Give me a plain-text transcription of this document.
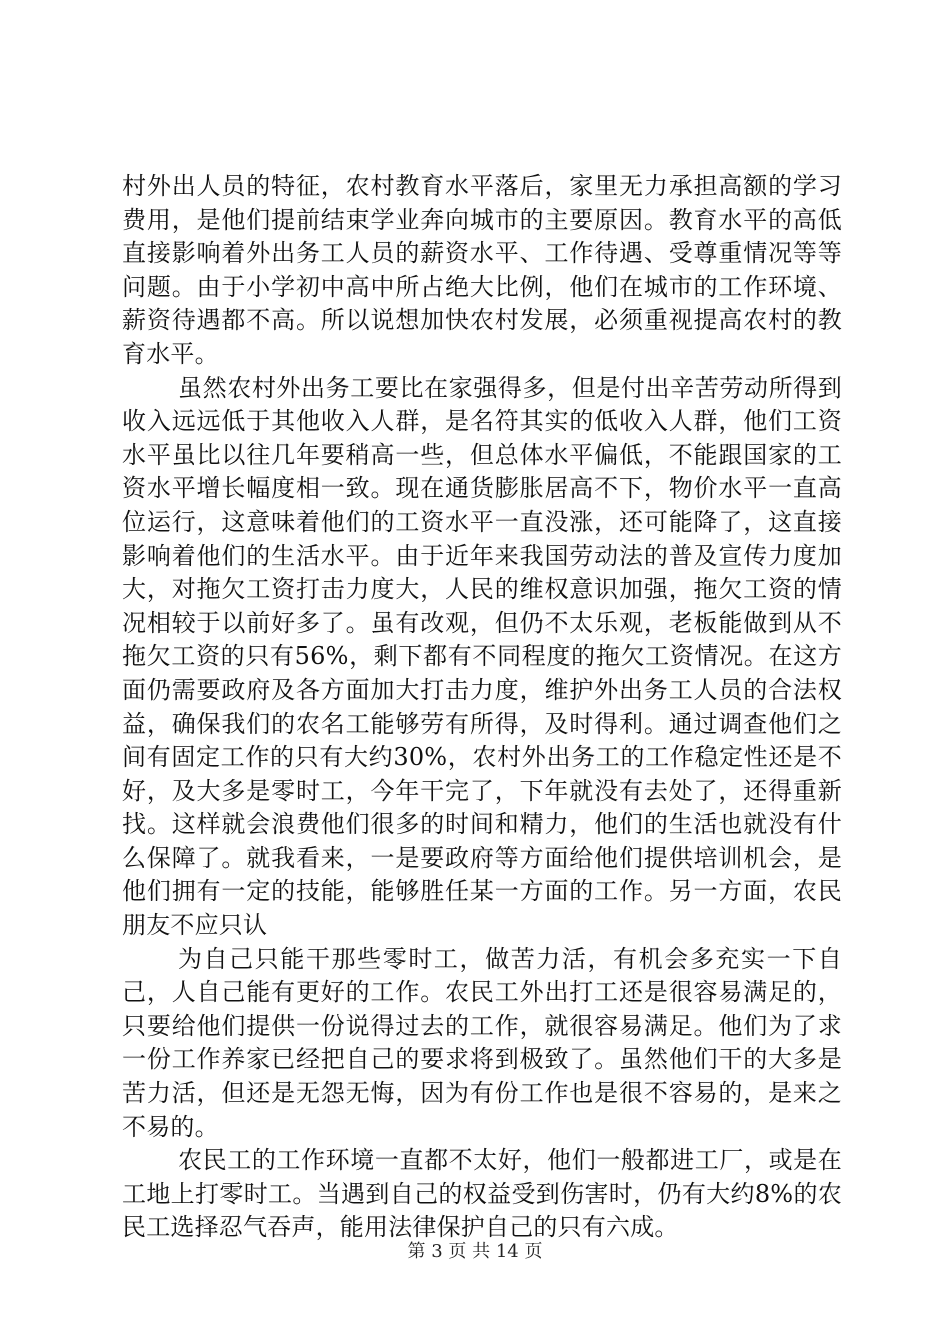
村外出人员的特征，农村教育水平落后，家里无力承担高额的学习费用，是他们提前结束学业奔向城市的主要原因。教育水平的高低直接影响着外出务工人员的薪资水平、工作待遇、受尊重情况等等问题。由于小学初中高中所占绝大比例，他们在城市的工作环境、薪资待遇都不高。所以说想加快农村发展，必须重视提高农村的教育水平。

虽然农村外出务工要比在家强得多，但是付出辛苦劳动所得到收入远远低于其他收入人群，是名符其实的低收入人群，他们工资水平虽比以往几年要稍高一些，但总体水平偏低，不能跟国家的工资水平增长幅度相一致。现在通货膨胀居高不下，物价水平一直高位运行，这意味着他们的工资水平一直没涨，还可能降了，这直接影响着他们的生活水平。由于近年来我国劳动法的普及宣传力度加大，对拖欠工资打击力度大，人民的维权意识加强，拖欠工资的情况相较于以前好多了。虽有改观，但仍不太乐观，老板能做到从不拖欠工资的只有56%，剩下都有不同程度的拖欠工资情况。在这方面仍需要政府及各方面加大打击力度，维护外出务工人员的合法权益，确保我们的农名工能够劳有所得，及时得利。通过调查他们之间有固定工作的只有大约30%，农村外出务工的工作稳定性还是不好，及大多是零时工，今年干完了，下年就没有去处了，还得重新找。这样就会浪费他们很多的时间和精力，他们的生活也就没有什么保障了。就我看来，一是要政府等方面给他们提供培训机会，是他们拥有一定的技能，能够胜任某一方面的工作。另一方面，农民朋友不应只认

为自己只能干那些零时工，做苦力活，有机会多充实一下自己，人自己能有更好的工作。农民工外出打工还是很容易满足的，只要给他们提供一份说得过去的工作，就很容易满足。他们为了求一份工作养家已经把自己的要求将到极致了。虽然他们干的大多是苦力活，但还是无怨无悔，因为有份工作也是很不容易的，是来之不易的。

农民工的工作环境一直都不太好，他们一般都进工厂，或是在工地上打零时工。当遇到自己的权益受到伤害时，仍有大约8%的农民工选择忍气吞声，能用法律保护自己的只有六成。

第 3 页 共 14 页
